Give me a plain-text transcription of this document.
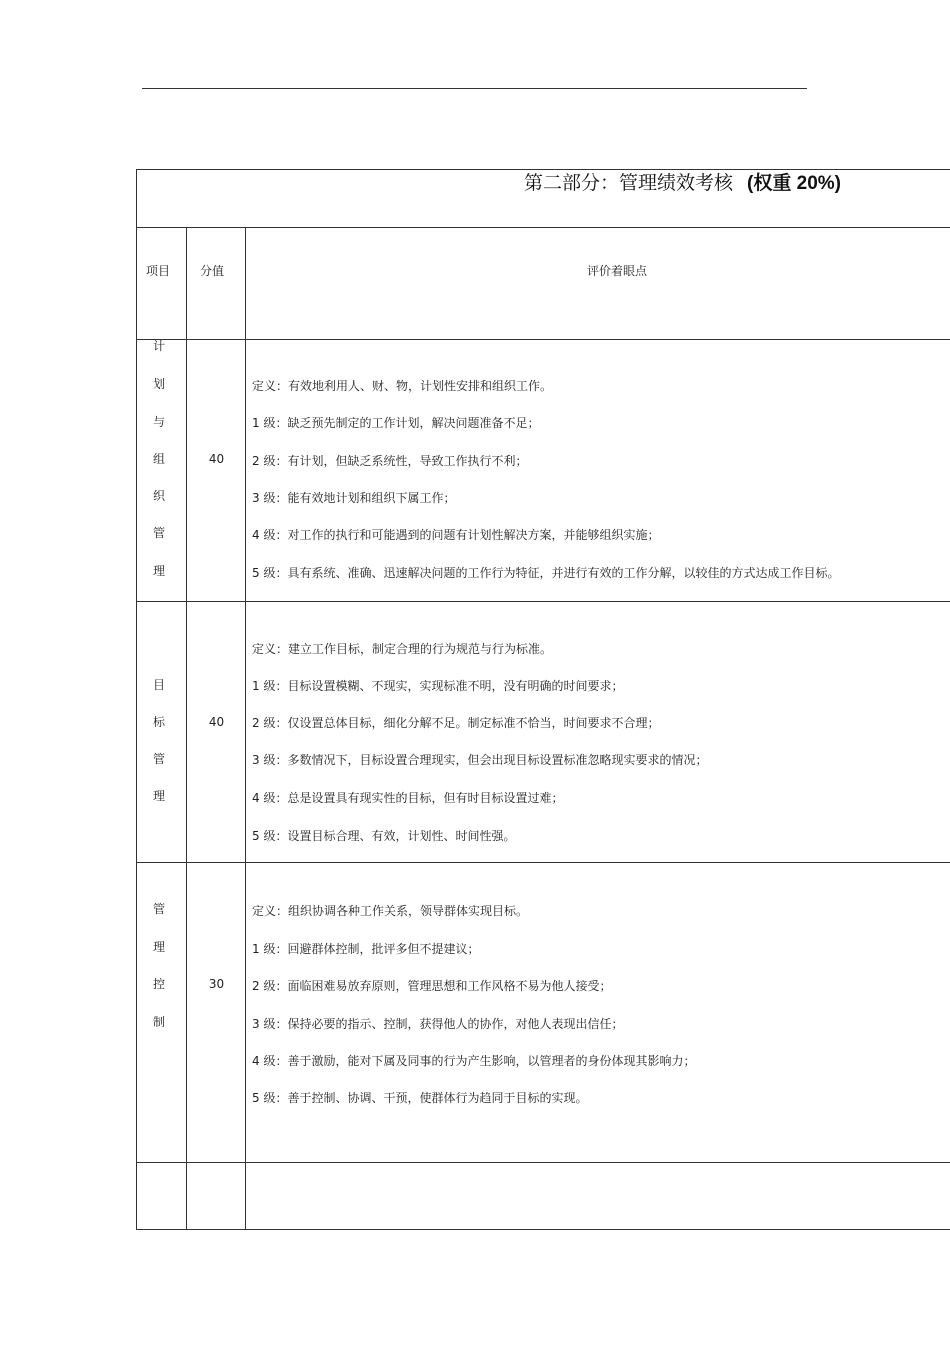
第二部分：管理绩效考核 (权重 20%)
项目 分值	评价着眼点
计
划
与
组
织
管
理
40
定义：有效地利用人、财、物，计划性安排和组织工作。
1 级：缺乏预先制定的工作计划，解决问题准备不足；
2 级：有计划，但缺乏系统性，导致工作执行不利；
3 级：能有效地计划和组织下属工作；
4 级：对工作的执行和可能遇到的问题有计划性解决方案，并能够组织实施；
5 级：具有系统、准确、迅速解决问题的工作行为特征，并进行有效的工作分解，以较佳的方式达成工作目标。
目
标
管
理
40
定义：建立工作目标，制定合理的行为规范与行为标准。
1 级：目标设置模糊、不现实，实现标准不明，没有明确的时间要求；
2 级：仅设置总体目标，细化分解不足。制定标准不恰当，时间要求不合理；
3 级：多数情况下，目标设置合理现实，但会出现目标设置标准忽略现实要求的情况；
4 级：总是设置具有现实性的目标，但有时目标设置过难；
5 级：设置目标合理、有效，计划性、时间性强。
管
理
控
制
30
定义：组织协调各种工作关系，领导群体实现目标。
1 级：回避群体控制，批评多但不提建议；
2 级：面临困难易放弃原则，管理思想和工作风格不易为他人接受；
3 级：保持必要的指示、控制，获得他人的协作，对他人表现出信任；
4 级：善于激励，能对下属及同事的行为产生影响，以管理者的身份体现其影响力；
5 级：善于控制、协调、干预，使群体行为趋同于目标的实现。
